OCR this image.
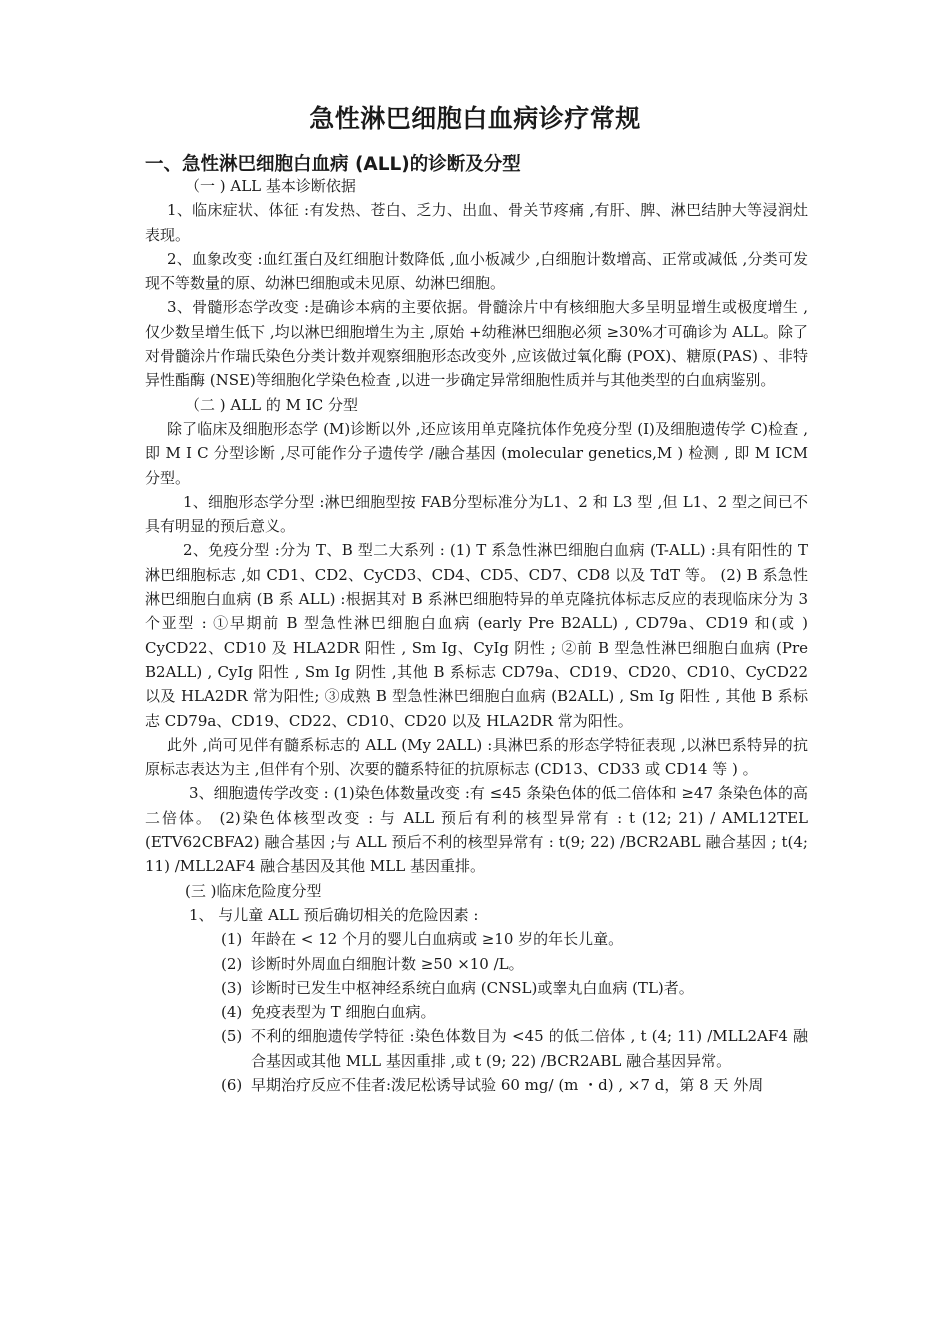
急性淋巴细胞白血病诊疗常规
一、急性淋巴细胞白血病 (ALL)的诊断及分型

（一 ) ALL 基本诊断依据

1、临床症状、体征 :有发热、苍白、乏力、出血、骨关节疼痛 ,有肝、脾、淋巴结肿大等浸润灶表现。

2、血象改变 :血红蛋白及红细胞计数降低 ,血小板减少 ,白细胞计数增高、正常或减低 ,分类可发现不等数量的原、幼淋巴细胞或未见原、幼淋巴细胞。

3、骨髓形态学改变 :是确诊本病的主要依据。骨髓涂片中有核细胞大多呈明显增生或极度增生 ,仅少数呈增生低下 ,均以淋巴细胞增生为主 ,原始 +幼稚淋巴细胞必须 ≥30%才可确诊为 ALL。除了对骨髓涂片作瑞氏染色分类计数并观察细胞形态改变外 ,应该做过氧化酶 (POX)、糖原(PAS) 、非特异性酯酶 (NSE)等细胞化学染色检查 ,以进一步确定异常细胞性质并与其他类型的白血病鉴别。

（二 ) ALL 的 M IC 分型

除了临床及细胞形态学 (M)诊断以外 ,还应该用单克隆抗体作免疫分型 (I)及细胞遗传学 C)检查 ,即 M I C 分型诊断 ,尽可能作分子遗传学 /融合基因 (molecular genetics,M ) 检测 , 即 M ICM 分型。

1、细胞形态学分型 :淋巴细胞型按 FAB分型标准分为L1、2 和 L3 型 ,但 L1、2 型之间已不具有明显的预后意义。

2、免疫分型 :分为 T、B 型二大系列 : (1) T 系急性淋巴细胞白血病 (T-ALL) :具有阳性的 T 淋巴细胞标志 ,如 CD1、CD2、CyCD3、CD4、CD5、CD7、CD8 以及 TdT 等。 (2) B 系急性淋巴细胞白血病 (B 系 ALL) :根据其对 B 系淋巴细胞特异的单克隆抗体标志反应的表现临床分为 3 个亚型 : ①早期前 B 型急性淋巴细胞白血病 (early Pre B2ALL) , CD79a、CD19 和(或 ) CyCD22、CD10 及 HLA2DR 阳性 , Sm Ig、CyIg 阴性 ; ②前 B 型急性淋巴细胞白血病 (Pre B2ALL) , CyIg 阳性 , Sm Ig 阴性 ,其他 B 系标志 CD79a、CD19、CD20、CD10、CyCD22 以及 HLA2DR 常为阳性; ③成熟 B 型急性淋巴细胞白血病 (B2ALL) , Sm Ig 阳性 , 其他 B 系标志 CD79a、CD19、CD22、CD10、CD20 以及 HLA2DR 常为阳性。

此外 ,尚可见伴有髓系标志的 ALL (My 2ALL) :具淋巴系的形态学特征表现 ,以淋巴系特异的抗原标志表达为主 ,但伴有个别、次要的髓系特征的抗原标志 (CD13、CD33 或 CD14 等 ) 。

3、细胞遗传学改变 : (1)染色体数量改变 :有 ≤45 条染色体的低二倍体和 ≥47 条染色体的高二倍体。 (2)染色体核型改变 : 与 ALL 预后有利的核型异常有 : t (12; 21) / AML12TEL (ETV62CBFA2) 融合基因 ;与 ALL 预后不利的核型异常有 : t(9; 22) /BCR2ABL 融合基因 ; t(4; 11) /MLL2AF4 融合基因及其他 MLL 基因重排。

(三 )临床危险度分型

1、 与儿童 ALL 预后确切相关的危险因素 :

(1) 年龄在 < 12 个月的婴儿白血病或 ≥10 岁的年长儿童。
(2) 诊断时外周血白细胞计数 ≥50 ×10 /L。
(3) 诊断时已发生中枢神经系统白血病 (CNSL)或睾丸白血病 (TL)者。
(4) 免疫表型为 T 细胞白血病。
(5) 不利的细胞遗传学特征 :染色体数目为 <45 的低二倍体 , t (4; 11) /MLL2AF4 融合基因或其他 MLL 基因重排 ,或 t (9; 22) /BCR2ABL 融合基因异常。
(6) 早期治疗反应不佳者:泼尼松诱导试验 60 mg/ (m ・d) , ×7 d，第 8 天 外周
